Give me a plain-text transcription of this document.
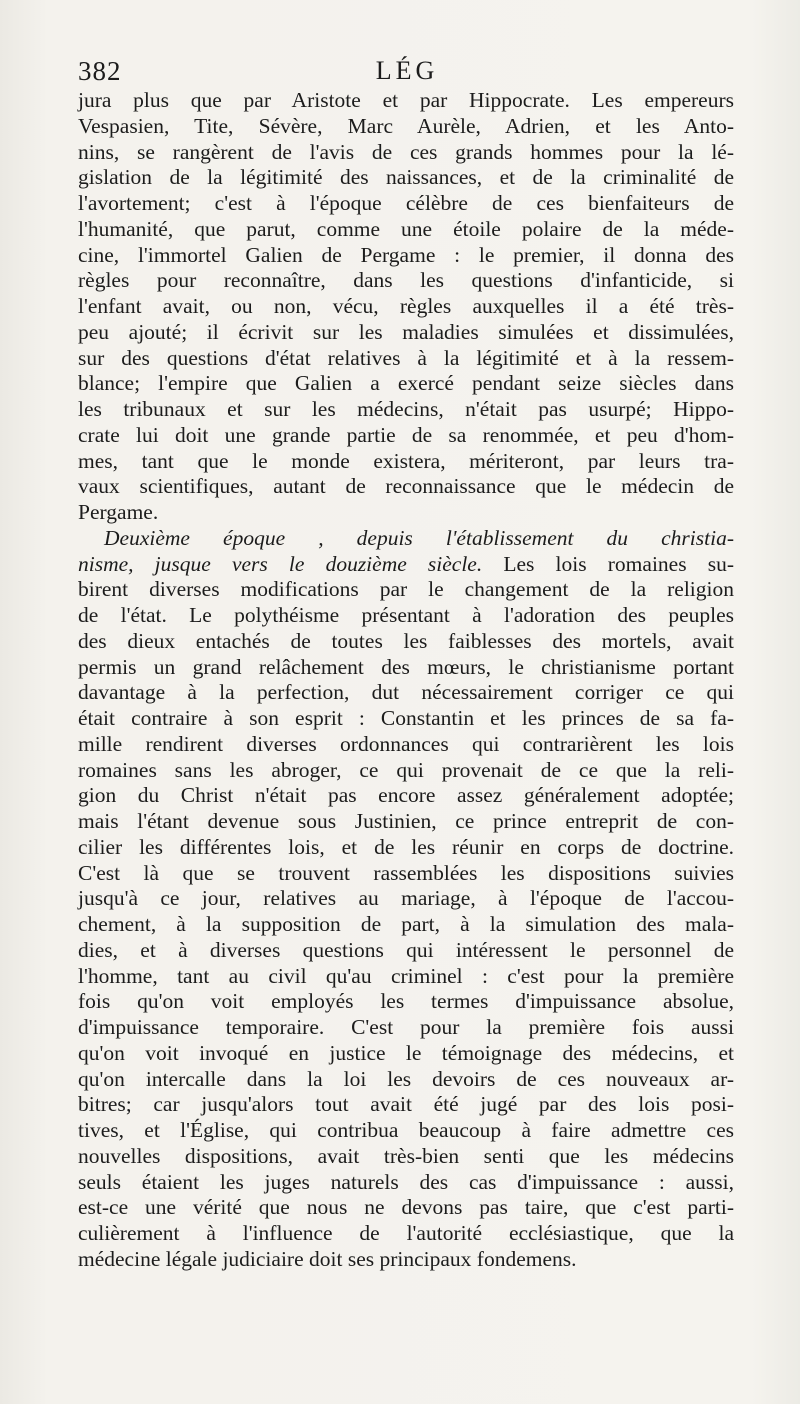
382	LÉG
jura plus que par Aristote et par Hippocrate. Les empereurs
Vespasien, Tite, Sévère, Marc Aurèle, Adrien, et les Anto-
nins, se rangèrent de l'avis de ces grands hommes pour la lé-
gislation de la légitimité des naissances, et de la criminalité de
l'avortement; c'est à l'époque célèbre de ces bienfaiteurs de
l'humanité, que parut, comme une étoile polaire de la méde-
cine, l'immortel Galien de Pergame : le premier, il donna des
règles pour reconnaître, dans les questions d'infanticide, si
l'enfant avait, ou non, vécu, règles auxquelles il a été très-
peu ajouté; il écrivit sur les maladies simulées et dissimulées,
sur des questions d'état relatives à la légitimité et à la ressem-
blance; l'empire que Galien a exercé pendant seize siècles dans
les tribunaux et sur les médecins, n'était pas usurpé; Hippo-
crate lui doit une grande partie de sa renommée, et peu d'hom-
mes, tant que le monde existera, mériteront, par leurs tra-
vaux scientifiques, autant de reconnaissance que le médecin de
Pergame.
Deuxième époque , depuis l'établissement du christia-
nisme, jusque vers le douzième siècle. Les lois romaines su-
birent diverses modifications par le changement de la religion
de l'état. Le polythéisme présentant à l'adoration des peuples
des dieux entachés de toutes les faiblesses des mortels, avait
permis un grand relâchement des mœurs, le christianisme portant
davantage à la perfection, dut nécessairement corriger ce qui
était contraire à son esprit : Constantin et les princes de sa fa-
mille rendirent diverses ordonnances qui contrarièrent les lois
romaines sans les abroger, ce qui provenait de ce que la reli-
gion du Christ n'était pas encore assez généralement adoptée;
mais l'étant devenue sous Justinien, ce prince entreprit de con-
cilier les différentes lois, et de les réunir en corps de doctrine.
C'est là que se trouvent rassemblées les dispositions suivies
jusqu'à ce jour, relatives au mariage, à l'époque de l'accou-
chement, à la supposition de part, à la simulation des mala-
dies, et à diverses questions qui intéressent le personnel de
l'homme, tant au civil qu'au criminel : c'est pour la première
fois qu'on voit employés les termes d'impuissance absolue,
d'impuissance temporaire. C'est pour la première fois aussi
qu'on voit invoqué en justice le témoignage des médecins, et
qu'on intercalle dans la loi les devoirs de ces nouveaux ar-
bitres; car jusqu'alors tout avait été jugé par des lois posi-
tives, et l'Église, qui contribua beaucoup à faire admettre ces
nouvelles dispositions, avait très-bien senti que les médecins
seuls étaient les juges naturels des cas d'impuissance : aussi,
est-ce une vérité que nous ne devons pas taire, que c'est parti-
culièrement à l'influence de l'autorité ecclésiastique, que la
médecine légale judiciaire doit ses principaux fondemens.
